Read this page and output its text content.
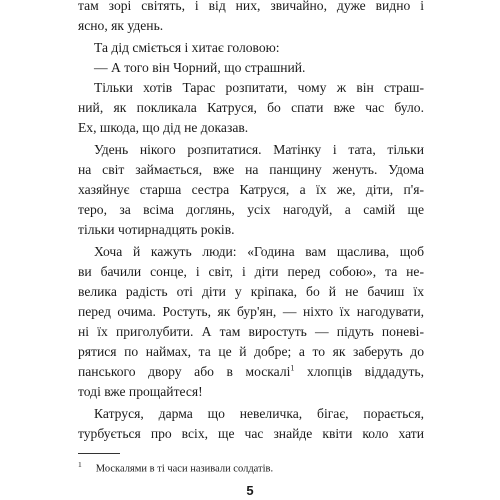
там зорі світять, і від них, звичайно, дуже видно і
ясно, як удень.
Та дід сміється і хитає головою:
— А того він Чорний, що страшний.
Тільки хотів Тарас розпитати, чому ж він страш-
ний, як покликала Катруся, бо спати вже час було.
Ех, шкода, що дід не доказав.
Удень нікого розпитатися. Матінку і тата, тільки
на світ займається, вже на панщину женуть. Удома
хазяйнує старша сестра Катруся, а їх же, діти, п'я-
теро, за всіма доглянь, усіх нагодуй, а самій ще
тільки чотирнадцять років.
Хоча й кажуть люди: «Година вам щаслива, щоб
ви бачили сонце, і світ, і діти перед собою», та не-
велика радість оті діти у кріпака, бо й не бачиш їх
перед очима. Ростуть, як бур'ян, — ніхто їх нагодувати,
ні їх приголубити. А там виростуть — підуть поневі-
рятися по наймах, та це й добре; а то як заберуть до
панського двору або в москалі$^1$ хлопців віддадуть,
тоді вже прощайтеся!
Катруся, дарма що невеличка, бігає, порається,
турбується про всіх, ще час знайде квіти коло хати
$^1$ Москалями в ті часи називали солдатів.
5
